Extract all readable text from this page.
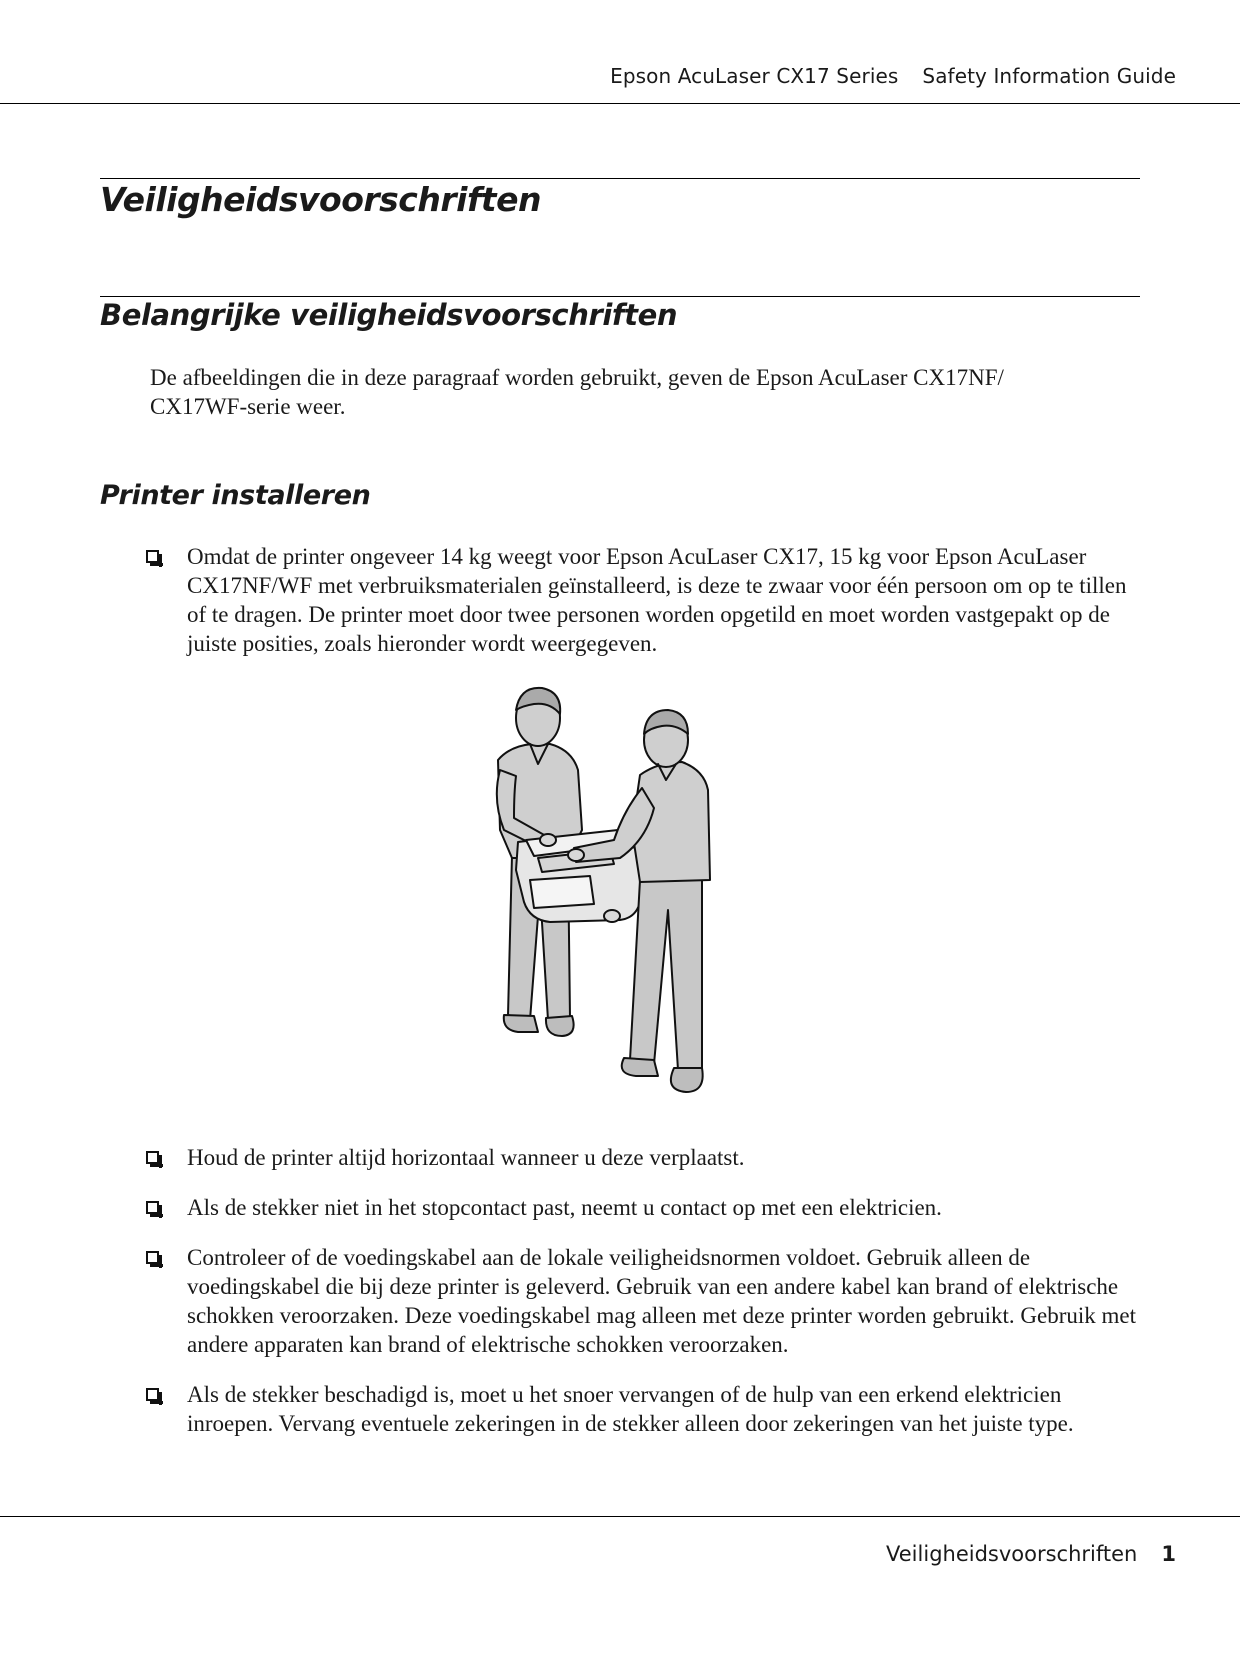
Epson AcuLaser CX17 Series Safety Information Guide
Veiligheidsvoorschriften
Belangrijke veiligheidsvoorschriften

De afbeeldingen die in deze paragraaf worden gebruikt, geven de Epson AcuLaser CX17NF/ CX17WF-serie weer.

Printer installeren
Omdat de printer ongeveer 14 kg weegt voor Epson AcuLaser CX17, 15 kg voor Epson AcuLaser CX17NF/WF met verbruiksmaterialen geïnstalleerd, is deze te zwaar voor één persoon om op te tillen of te dragen. De printer moet door twee personen worden opgetild en moet worden vastgepakt op de juiste posities, zoals hieronder wordt weergegeven.
Houd de printer altijd horizontaal wanneer u deze verplaatst.
Als de stekker niet in het stopcontact past, neemt u contact op met een elektricien.
Controleer of de voedingskabel aan de lokale veiligheidsnormen voldoet. Gebruik alleen de voedingskabel die bij deze printer is geleverd. Gebruik van een andere kabel kan brand of elektrische schokken veroorzaken. Deze voedingskabel mag alleen met deze printer worden gebruikt. Gebruik met andere apparaten kan brand of elektrische schokken veroorzaken.
Als de stekker beschadigd is, moet u het snoer vervangen of de hulp van een erkend elektricien inroepen. Vervang eventuele zekeringen in de stekker alleen door zekeringen van het juiste type.
Veiligheidsvoorschriften 1
